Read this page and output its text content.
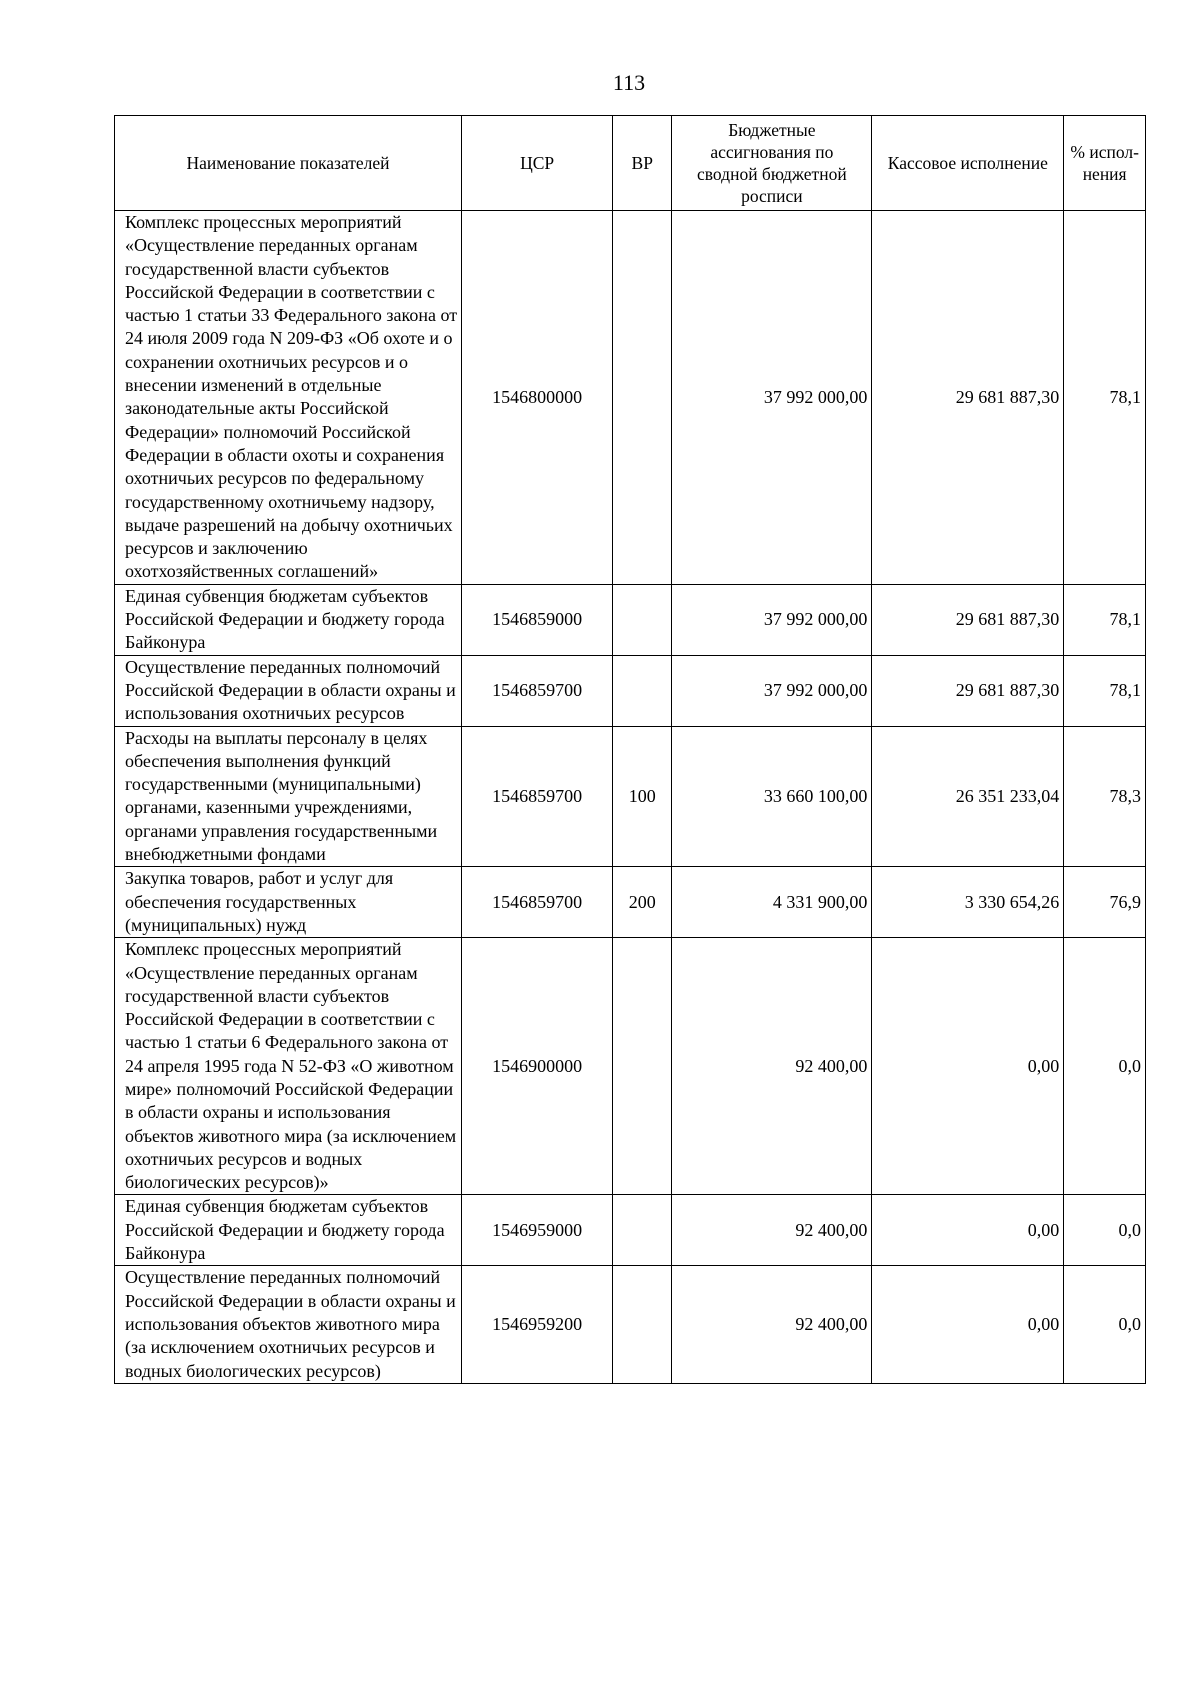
113
Наименование показателей	ЦСР	ВР	Бюджетные ассигнования по сводной бюджетной росписи	Кассовое исполнение	% испол-нения
Комплекс процессных мероприятий «Осуществление переданных органам государственной власти субъектов Российской Федерации в соответствии с частью 1 статьи 33 Федерального закона от 24 июля 2009 года N 209-ФЗ «Об охоте и о сохранении охотничьих ресурсов и о внесении изменений в отдельные законодательные акты Российской Федерации» полномочий Российской Федерации в области охоты и сохранения охотничьих ресурсов по федеральному государственному охотничьему надзору, выдаче разрешений на добычу охотничьих ресурсов и заключению охотхозяйственных соглашений»	1546800000		37 992 000,00	29 681 887,30	78,1
Единая субвенция бюджетам субъектов Российской Федерации и бюджету города Байконура	1546859000		37 992 000,00	29 681 887,30	78,1
Осуществление переданных полномочий Российской Федерации в области охраны и использования охотничьих ресурсов	1546859700		37 992 000,00	29 681 887,30	78,1
Расходы на выплаты персоналу в целях обеспечения выполнения функций государственными (муниципальными) органами, казенными учреждениями, органами управления государственными внебюджетными фондами	1546859700	100	33 660 100,00	26 351 233,04	78,3
Закупка товаров, работ и услуг для обеспечения государственных (муниципальных) нужд	1546859700	200	4 331 900,00	3 330 654,26	76,9
Комплекс процессных мероприятий «Осуществление переданных органам государственной власти субъектов Российской Федерации в соответствии с частью 1 статьи 6 Федерального закона от 24 апреля 1995 года N 52-ФЗ «О животном мире» полномочий Российской Федерации в области охраны и использования объектов животного мира (за исключением охотничьих ресурсов и водных биологических ресурсов)»	1546900000		92 400,00	0,00	0,0
Единая субвенция бюджетам субъектов Российской Федерации и бюджету города Байконура	1546959000		92 400,00	0,00	0,0
Осуществление переданных полномочий Российской Федерации в области охраны и использования объектов животного мира (за исключением охотничьих ресурсов и водных биологических ресурсов)	1546959200		92 400,00	0,00	0,0
